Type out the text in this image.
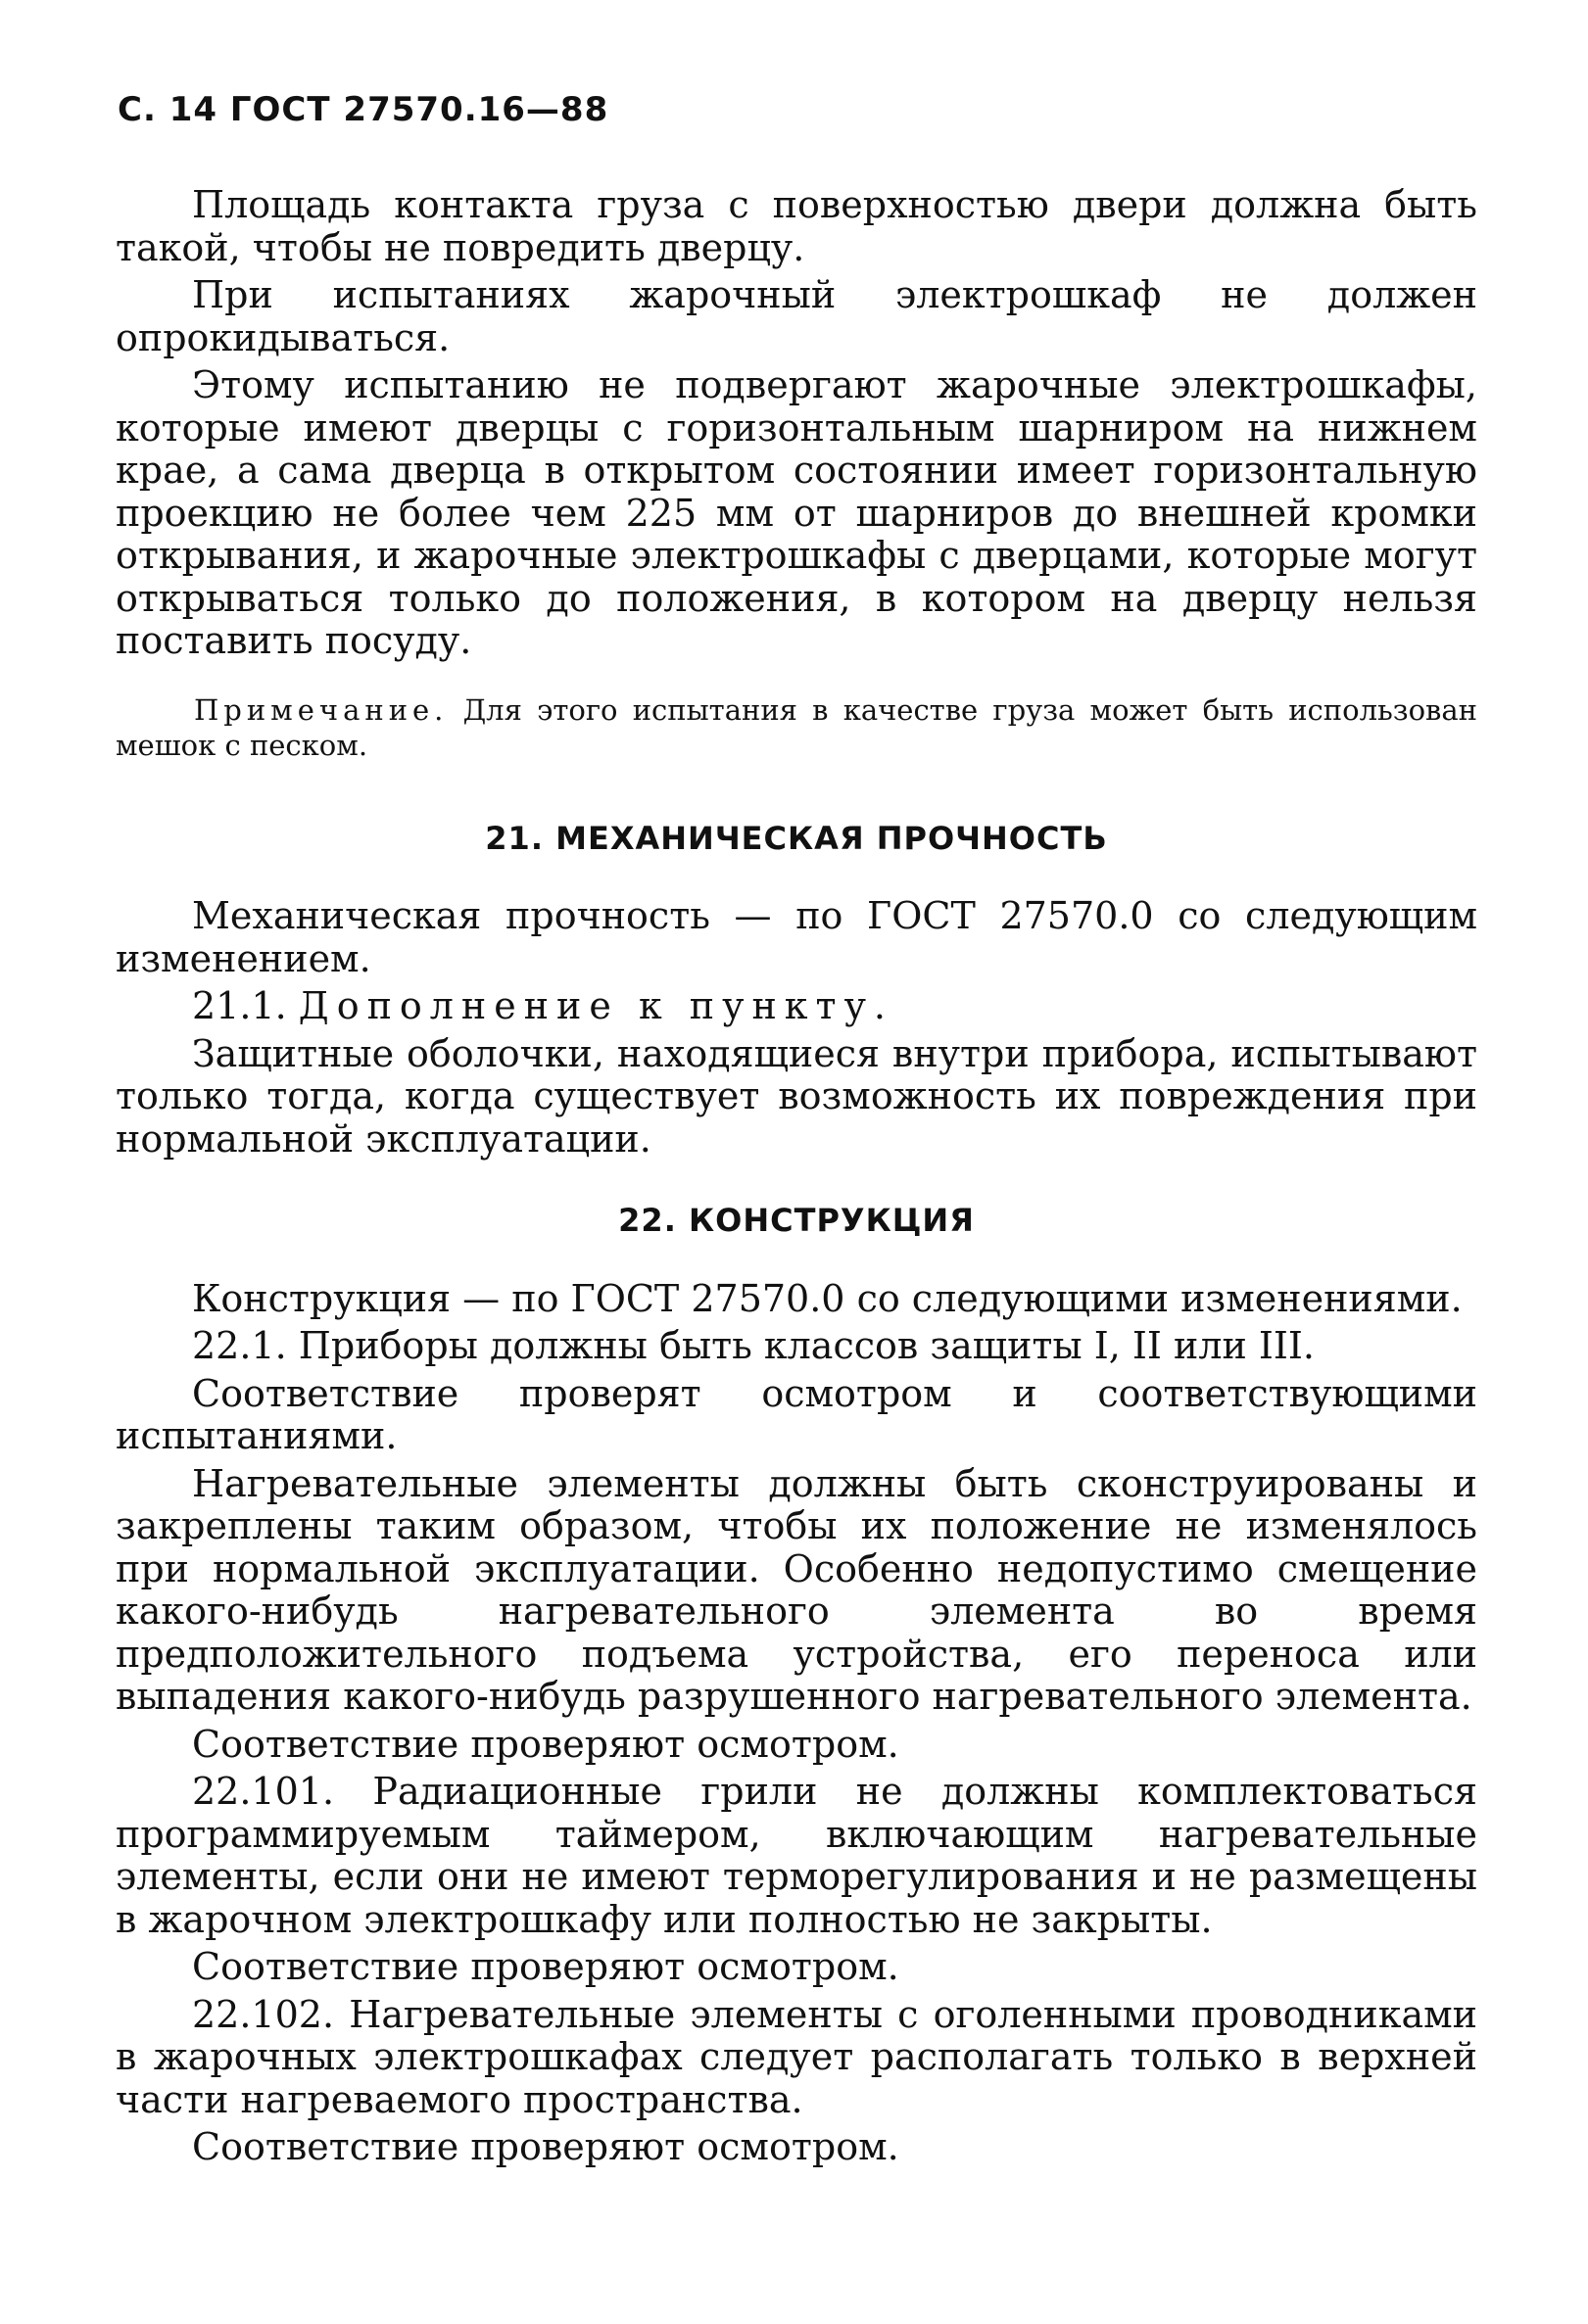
С. 14 ГОСТ 27570.16—88

Площадь контакта груза с поверхностью двери должна быть такой, чтобы не повредить дверцу.

При испытаниях жарочный электрошкаф не должен опрокидываться.

Этому испытанию не подвергают жарочные электрошкафы, которые имеют дверцы с горизонтальным шарниром на нижнем крае, а сама дверца в открытом состоянии имеет горизонтальную проекцию не более чем 225 мм от шарниров до внешней кромки открывания, и жарочные электрошкафы с дверцами, которые могут открываться только до положения, в котором на дверцу нельзя поставить посуду.

Примечание. Для этого испытания в качестве груза может быть использован мешок с песком.

21. МЕХАНИЧЕСКАЯ ПРОЧНОСТЬ

Механическая прочность — по ГОСТ 27570.0 со следующим изменением.

21.1. Дополнение к пункту.

Защитные оболочки, находящиеся внутри прибора, испытывают только тогда, когда существует возможность их повреждения при нормальной эксплуатации.

22. КОНСТРУКЦИЯ

Конструкция — по ГОСТ 27570.0 со следующими изменениями.

22.1. Приборы должны быть классов защиты I, II или III.

Соответствие проверят осмотром и соответствующими испытаниями.

Нагревательные элементы должны быть сконструированы и закреплены таким образом, чтобы их положение не изменялось при нормальной эксплуатации. Особенно недопустимо смещение какого-нибудь нагревательного элемента во время предположительного подъема устройства, его переноса или выпадения какого-нибудь разрушенного нагревательного элемента.

Соответствие проверяют осмотром.

22.101. Радиационные грили не должны комплектоваться программируемым таймером, включающим нагревательные элементы, если они не имеют терморегулирования и не размещены в жарочном электрошкафу или полностью не закрыты.

Соответствие проверяют осмотром.

22.102. Нагревательные элементы с оголенными проводниками в жарочных электрошкафах следует располагать только в верхней части нагреваемого пространства.

Соответствие проверяют осмотром.
